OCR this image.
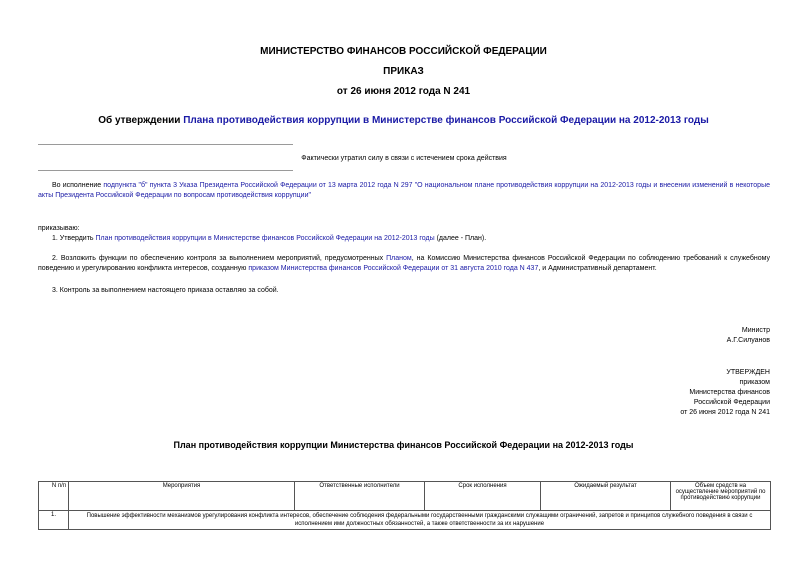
МИНИСТЕРСТВО ФИНАНСОВ РОССИЙСКОЙ ФЕДЕРАЦИИ
ПРИКАЗ
от 26 июня 2012 года N 241
Об утверждении Плана противодействия коррупции в Министерстве финансов Российской Федерации на 2012-2013 годы
Фактически утратил силу в связи с истечением срока действия
Во исполнение подпункта "б" пункта 3 Указа Президента Российской Федерации от 13 марта 2012 года N 297 "О национальном плане противодействия коррупции на 2012-2013 годы и внесении изменений в некоторые акты Президента Российской Федерации по вопросам противодействия коррупции"
приказываю:
1. Утвердить План противодействия коррупции в Министерстве финансов Российской Федерации на 2012-2013 годы (далее - План).
2. Возложить функции по обеспечению контроля за выполнением мероприятий, предусмотренных Планом, на Комиссию Министерства финансов Российской Федерации по соблюдению требований к служебному поведению и урегулированию конфликта интересов, созданную приказом Министерства финансов Российской Федерации от 31 августа 2010 года N 437, и Административный департамент.
3. Контроль за выполнением настоящего приказа оставляю за собой.
Министр
А.Г.Силуанов
УТВЕРЖДЕН
приказом
Министерства финансов
Российской Федерации
от 26 июня 2012 года N 241
План противодействия коррупции Министерства финансов Российской Федерации на 2012-2013 годы
N п/п	Мероприятия	Ответственные исполнители	Срок исполнения	Ожидаемый результат	Объем средств на осуществление мероприятий по противодействию коррупции
1.	Повышение эффективности механизмов урегулирования конфликта интересов, обеспечение соблюдения федеральными государственными гражданскими служащими ограничений, запретов и принципов служебного поведения в связи с исполнением ими должностных обязанностей, а также ответственности за их нарушение				
